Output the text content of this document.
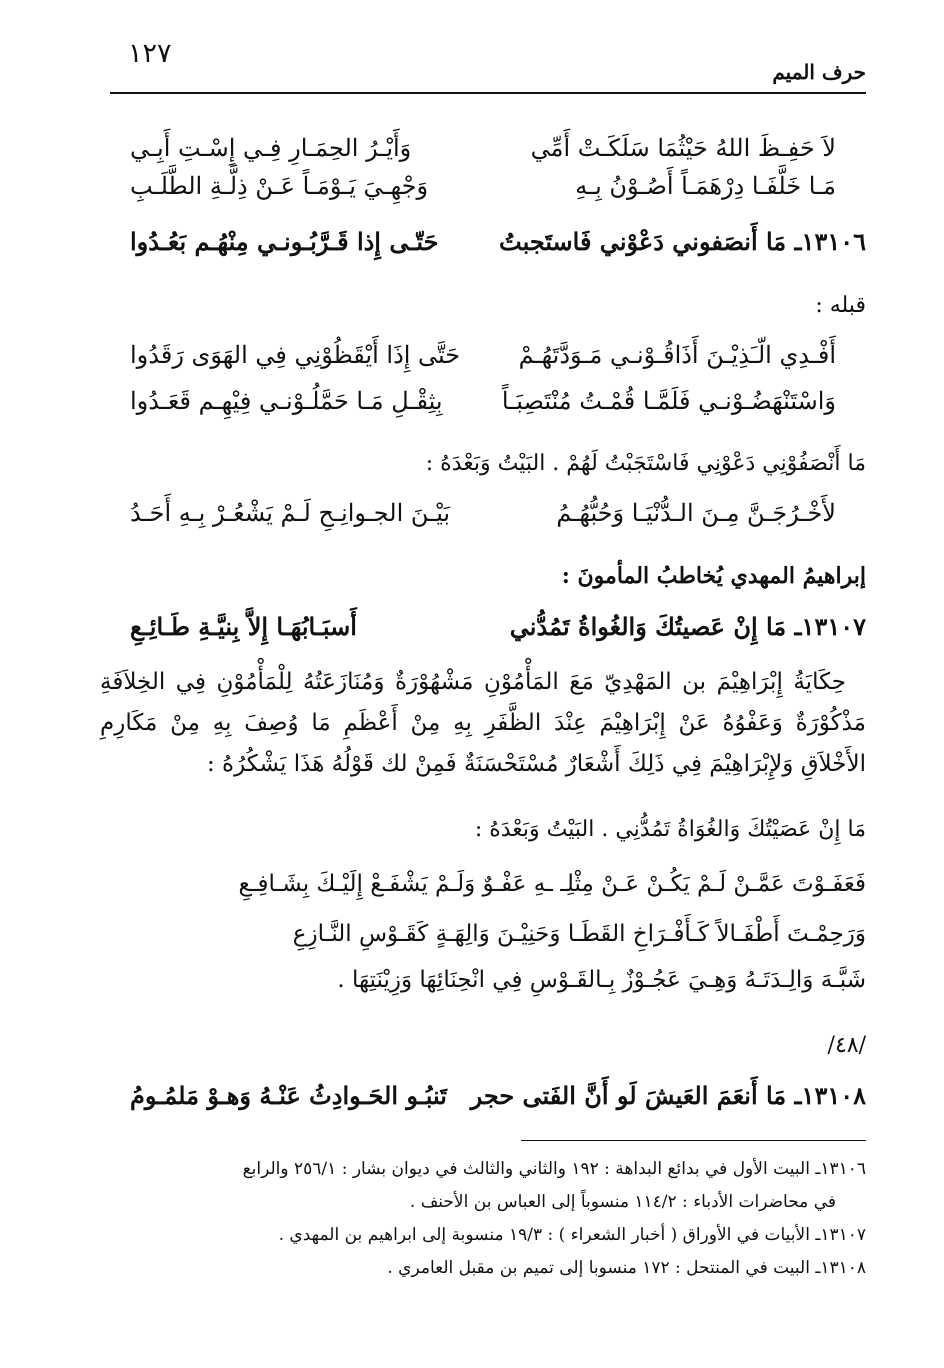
١٢٧
حرف الميم
لاَ حَفِـظَ اللهُ حَيْثُمَا سَلَكَـتْ أَمِّي
وَأَيْـرُ الحِمَـارِ فِـي إِسْـتِ أَبِـي
مَـا خَلَّفَـا دِرْهَمَـاً أَصُـوْنُ بِـهِ
وَجْهِـيَ يَـوْمَـاً عَـنْ ذِلَّـةِ الطَّلَـبِ
١٣١٠٦ـ مَا أَنصَفوني دَعْوْني فَاستَجبتُ
حَتّـى إِذا قَـرَّبُـونـي مِنْهُـم بَعُـدُوا
قبله :
أَفْـدِي الّـَذِيْـنَ أَذَاقُـوْنـي مَـوَدَّتَهُـمْ
حَتَّى إِذَا أَيْقَظُوْنِي فِي الهَوَى رَقَدُوا
وَاسْتَنْهَضُـوْنـي فَلَمَّـا قُمْـتُ مُنْتَصِبَـاً
بِثِقْـلِ مَـا حَمَّلُـوْنـي فِيْهِـم قَعَـدُوا
مَا أَنْصَفُوْنِي دَعْوْنِي فَاسْتَجَبْتُ لَهُمْ . البَيْتُ وَبَعْدَهُ :
لأَخْـرُجَـنَّ مِـنَ الـدُّنْيَـا وَحُبُّهُـمُ
بَيْـنَ الجـوانِـحِ لَـمْ يَشْعُـرْ بِـهِ أَحَـدُ
إبراهيمُ المهدي يُخاطبُ المأمونَ :
١٣١٠٧ـ مَا إِنْ عَصيتُكَ وَالغُواةُ تَمُدُّني
أَسبَـابُهَـا إِلاَّ بِنيَّـةِ طَـائِـعِ

حِكَايَةُ إِبْرَاهِيْمَ بن المَهْدِيّ مَعَ المَأْمُوْنِ مَشْهُوْرَةٌ وَمُنَازَعَتُهُ لِلْمَأْمُوْنِ فِي الخِلاَفَةِ مَذْكُوْرَةٌ وَعَفْوُهُ عَنْ إِبْرَاهِيْمَ عِنْدَ الظَّفَرِ بِهِ مِنْ أَعْظَمِ مَا وُصِفَ بِهِ مِنْ مَكَارِمِ الأَخْلاَقِ وَلإِبْرَاهِيْمَ فِي ذَلِكَ أَشْعَارٌ مُسْتَحْسَنَةٌ فَمِنْ لك قَوْلُهُ هَذَا يَشْكُرُهُ :

مَا إِنْ عَصَيْتُكَ وَالغُوَاةُ تَمُدُّنِي . البَيْتُ وَبَعْدَهُ :
فَعَفَـوْتَ عَمَّـنْ لَـمْ يَكُـنْ عَـنْ مِثْلِـ ـهِ عَفْـوٌ وَلَـمْ يَشْفَـعْ إِلَيْـكَ بِشَـافِـعِ
وَرَحِمْـتَ أَطْفَـالاً كَـأَفْـرَاخِ القَطَـا وَحَنِيْـنَ وَالِهَـةٍ كَقَـوْسِ النَّـازِعِ
شَبَّـهَ وَالِـدَتَـهُ وَهِـيَ عَجُـوْزٌ بِـالقَـوْسِ فِي انْحِنَائِهَا وَزِيْنَتِهَا .
/٤٨/
١٣١٠٨ـ مَا أَنعَمَ العَيشَ لَو أَنَّ الفَتى حجر
تَنبُـو الحَـوادِثُ عَنْـهُ وَهـوْ مَلمُـومُ
١٣١٠٦ـ البيت الأول في بدائع البداهة : ١٩٢ والثاني والثالث في ديوان بشار : ٢٥٦/١ والرابع
في محاضرات الأدباء : ١١٤/٢ منسوباً إلى العباس بن الأحنف .
١٣١٠٧ـ الأبيات في الأوراق ( أخبار الشعراء ) : ١٩/٣ منسوبة إلى ابراهيم بن المهدي .
١٣١٠٨ـ البيت في المنتحل : ١٧٢ منسوبا إلى تميم بن مقبل العامري .
